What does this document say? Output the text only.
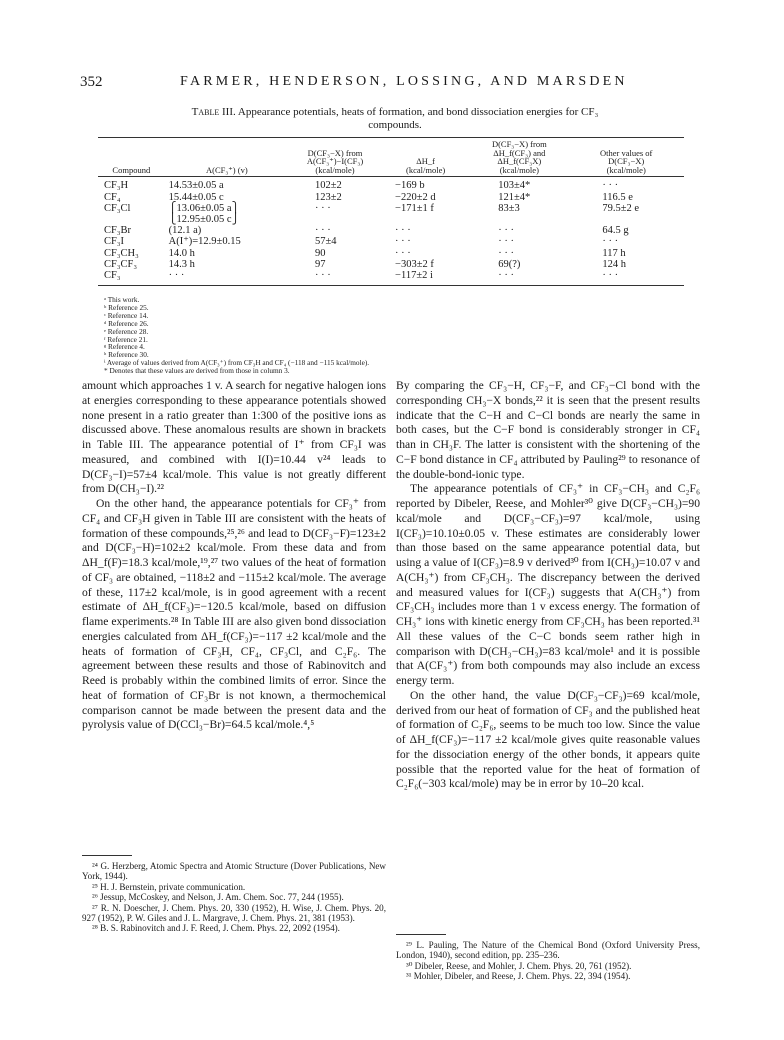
352	FARMER, HENDERSON, LOSSING, AND MARSDEN
Table III. Appearance potentials, heats of formation, and bond dissociation energies for CF₃ compounds.
Compound	A(CF₃⁺) (v)	D(CF₃−X) from
A(CF₃⁺)−I(CF₃)
(kcal/mole)	ΔH_f
(kcal/mole)	D(CF₃−X) from
ΔH_f(CF₃) and
ΔH_f(CF₃X)
(kcal/mole)	Other values of
D(CF₃−X)
(kcal/mole)

CF₃H	14.53±0.05 a	102±2	−169 b	103±4*	· · ·

CF₄	15.44±0.05 c	123±2	−220±2 d	121±4*	116.5 e

CF₃Cl	⎧13.06±0.05 a⎫
⎩12.95±0.05 c⎭	· · ·	−171±1 f	83±3	79.5±2 e

CF₃Br	(12.1 a)	· · ·	· · ·	· · ·	64.5 g

CF₃I	A(I⁺)=12.9±0.15	57±4	· · ·	· · ·	· · ·

CF₃CH₃	14.0 h	90	· · ·	· · ·	117 h

CF₃CF₃	14.3 h	97	−303±2 f	69(?)	124 h

CF₃	· · ·	· · ·	−117±2 i	· · ·	· · ·
ᵃ This work.
ᵇ Reference 25.
ᶜ Reference 14.
ᵈ Reference 26.
ᵉ Reference 28.
ᶠ Reference 21.
ᵍ Reference 4.
ʰ Reference 30.
ⁱ Average of values derived from A(CF₃⁺) from CF₃H and CF₄ (−118 and −115 kcal/mole).
* Denotes that these values are derived from those in column 3.

amount which approaches 1 v. A search for negative halogen ions at energies corresponding to these appearance potentials showed none present in a ratio greater than 1:300 of the positive ions as discussed above. These anomalous results are shown in brackets in Table III. The appearance potential of I⁺ from CF₃I was measured, and combined with I(I)=10.44 v²⁴ leads to D(CF₃−I)=57±4 kcal/mole. This value is not greatly different from D(CH₃−I).²²

On the other hand, the appearance potentials for CF₃⁺ from CF₄ and CF₃H given in Table III are consistent with the heats of formation of these compounds,²⁵,²⁶ and lead to D(CF₃−F)=123±2 and D(CF₃−H)=102±2 kcal/mole. From these data and from ΔH_f(F)=18.3 kcal/mole,¹⁹,²⁷ two values of the heat of formation of CF₃ are obtained, −118±2 and −115±2 kcal/mole. The average of these, 117±2 kcal/mole, is in good agreement with a recent estimate of ΔH_f(CF₃)=−120.5 kcal/mole, based on diffusion flame experiments.²⁸ In Table III are also given bond dissociation energies calculated from ΔH_f(CF₃)=−117 ±2 kcal/mole and the heats of formation of CF₃H, CF₄, CF₃Cl, and C₂F₆. The agreement between these results and those of Rabinovitch and Reed is probably within the combined limits of error. Since the heat of formation of CF₃Br is not known, a thermochemical comparison cannot be made between the present data and the pyrolysis value of D(CCl₃−Br)=64.5 kcal/mole.⁴,⁵

²⁴ G. Herzberg, Atomic Spectra and Atomic Structure (Dover Publications, New York, 1944).
²⁵ H. J. Bernstein, private communication.
²⁶ Jessup, McCoskey, and Nelson, J. Am. Chem. Soc. 77, 244 (1955).
²⁷ R. N. Doescher, J. Chem. Phys. 20, 330 (1952), H. Wise, J. Chem. Phys. 20, 927 (1952), P. W. Giles and J. L. Margrave, J. Chem. Phys. 21, 381 (1953).
²⁸ B. S. Rabinovitch and J. F. Reed, J. Chem. Phys. 22, 2092 (1954).

By comparing the CF₃−H, CF₃−F, and CF₃−Cl bond with the corresponding CH₃−X bonds,²² it is seen that the present results indicate that the C−H and C−Cl bonds are nearly the same in both cases, but the C−F bond is considerably stronger in CF₄ than in CH₃F. The latter is consistent with the shortening of the C−F bond distance in CF₄ attributed by Pauling²⁹ to resonance of the double-bond-ionic type.

The appearance potentials of CF₃⁺ in CF₃−CH₃ and C₂F₆ reported by Dibeler, Reese, and Mohler³⁰ give D(CF₃−CH₃)=90 kcal/mole and D(CF₃−CF₃)=97 kcal/mole, using I(CF₃)=10.10±0.05 v. These estimates are considerably lower than those based on the same appearance potential data, but using a value of I(CF₃)=8.9 v derived³⁰ from I(CH₃)=10.07 v and A(CH₃⁺) from CF₃CH₃. The discrepancy between the derived and measured values for I(CF₃) suggests that A(CH₃⁺) from CF₃CH₃ includes more than 1 v excess energy. The formation of CH₃⁺ ions with kinetic energy from CF₃CH₃ has been reported.³¹ All these values of the C−C bonds seem rather high in comparison with D(CH₃−CH₃)=83 kcal/mole¹ and it is possible that A(CF₃⁺) from both compounds may also include an excess energy term.

On the other hand, the value D(CF₃−CF₃)=69 kcal/mole, derived from our heat of formation of CF₃ and the published heat of formation of C₂F₆, seems to be much too low. Since the value of ΔH_f(CF₃)=−117 ±2 kcal/mole gives quite reasonable values for the dissociation energy of the other bonds, it appears quite possible that the reported value for the heat of formation of C₂F₆(−303 kcal/mole) may be in error by 10–20 kcal.

²⁹ L. Pauling, The Nature of the Chemical Bond (Oxford University Press, London, 1940), second edition, pp. 235–236.
³⁰ Dibeler, Reese, and Mohler, J. Chem. Phys. 20, 761 (1952).
³¹ Mohler, Dibeler, and Reese, J. Chem. Phys. 22, 394 (1954).
